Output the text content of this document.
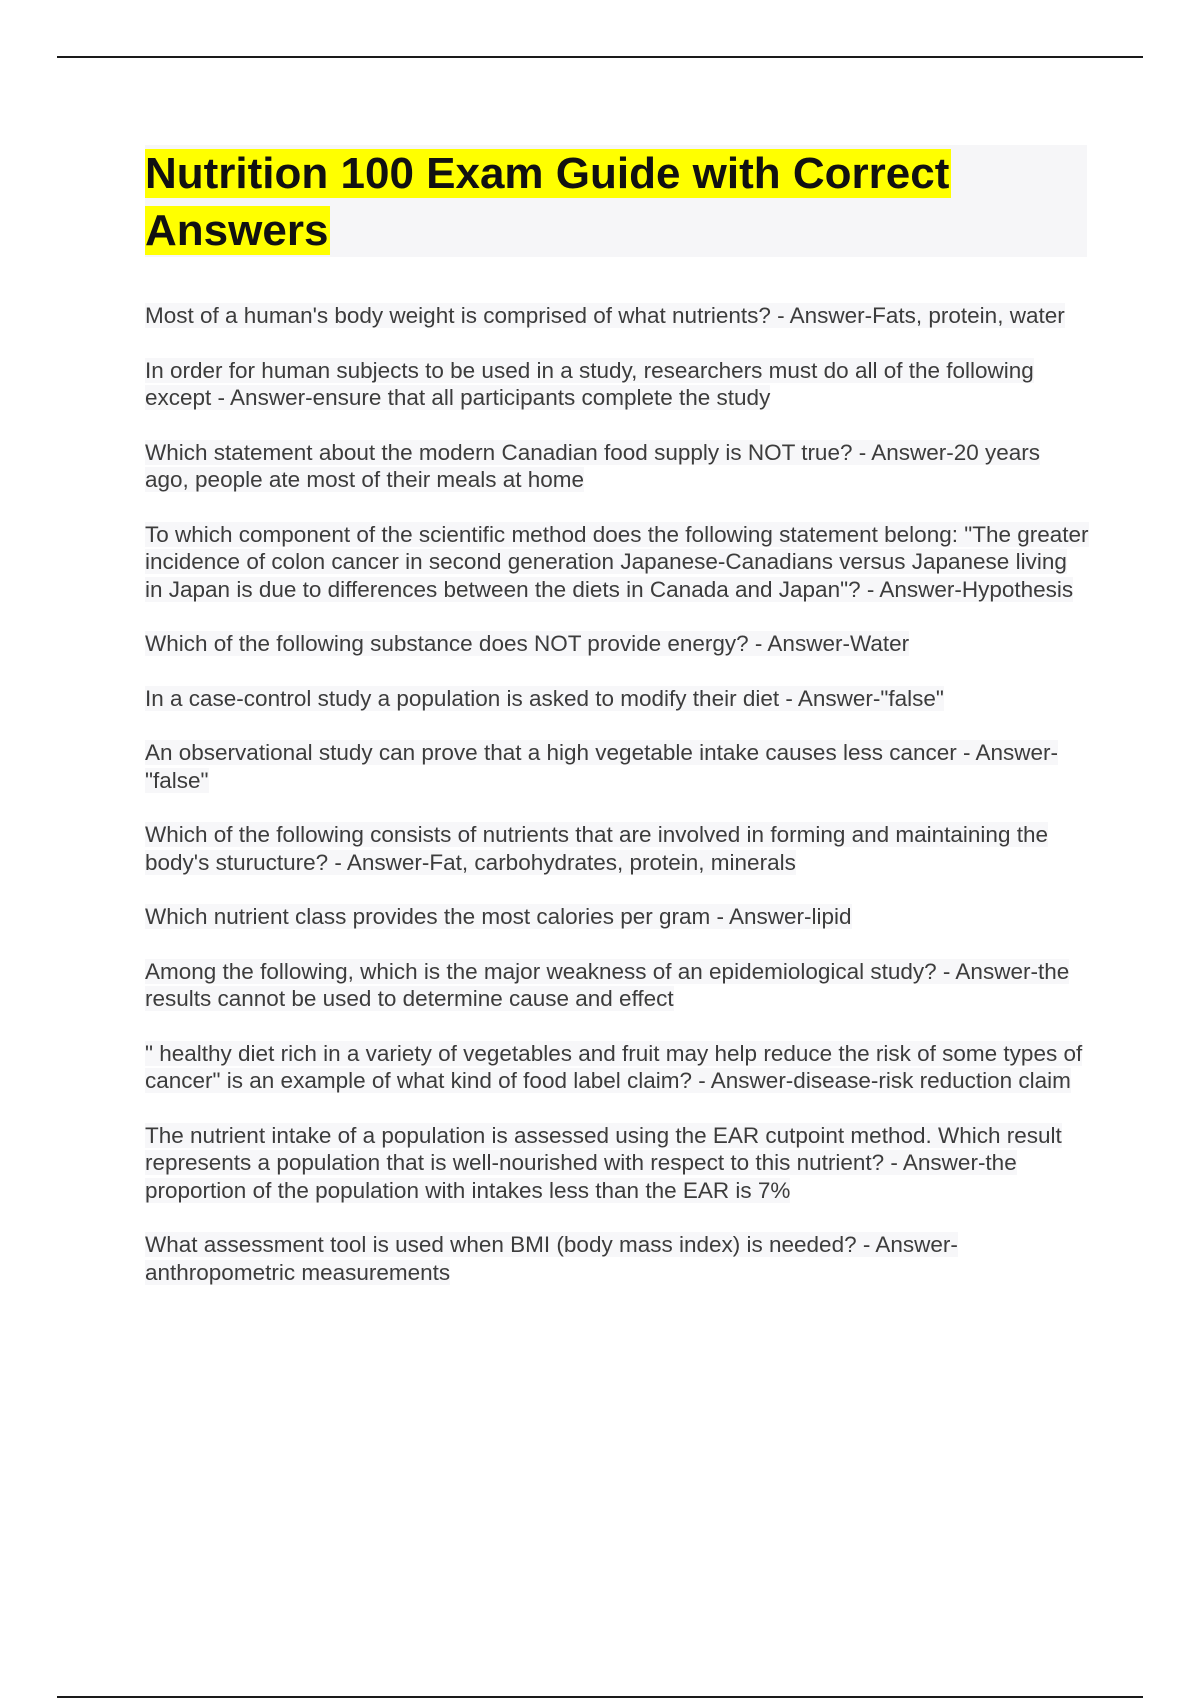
Nutrition 100 Exam Guide with Correct Answers

Most of a human's body weight is comprised of what nutrients? - Answer-Fats, protein, water

In order for human subjects to be used in a study, researchers must do all of the following except - Answer-ensure that all participants complete the study

Which statement about the modern Canadian food supply is NOT true? - Answer-20 years ago, people ate most of their meals at home

To which component of the scientific method does the following statement belong: "The greater incidence of colon cancer in second generation Japanese-Canadians versus Japanese living in Japan is due to differences between the diets in Canada and Japan"? - Answer-Hypothesis

Which of the following substance does NOT provide energy? - Answer-Water

In a case-control study a population is asked to modify their diet - Answer-"false"

An observational study can prove that a high vegetable intake causes less cancer - Answer-"false"

Which of the following consists of nutrients that are involved in forming and maintaining the body's sturucture? - Answer-Fat, carbohydrates, protein, minerals

Which nutrient class provides the most calories per gram - Answer-lipid

Among the following, which is the major weakness of an epidemiological study? - Answer-the results cannot be used to determine cause and effect

" healthy diet rich in a variety of vegetables and fruit may help reduce the risk of some types of cancer" is an example of what kind of food label claim? - Answer-disease-risk reduction claim

The nutrient intake of a population is assessed using the EAR cutpoint method. Which result represents a population that is well-nourished with respect to this nutrient? - Answer-the proportion of the population with intakes less than the EAR is 7%

What assessment tool is used when BMI (body mass index) is needed? - Answer-anthropometric measurements
